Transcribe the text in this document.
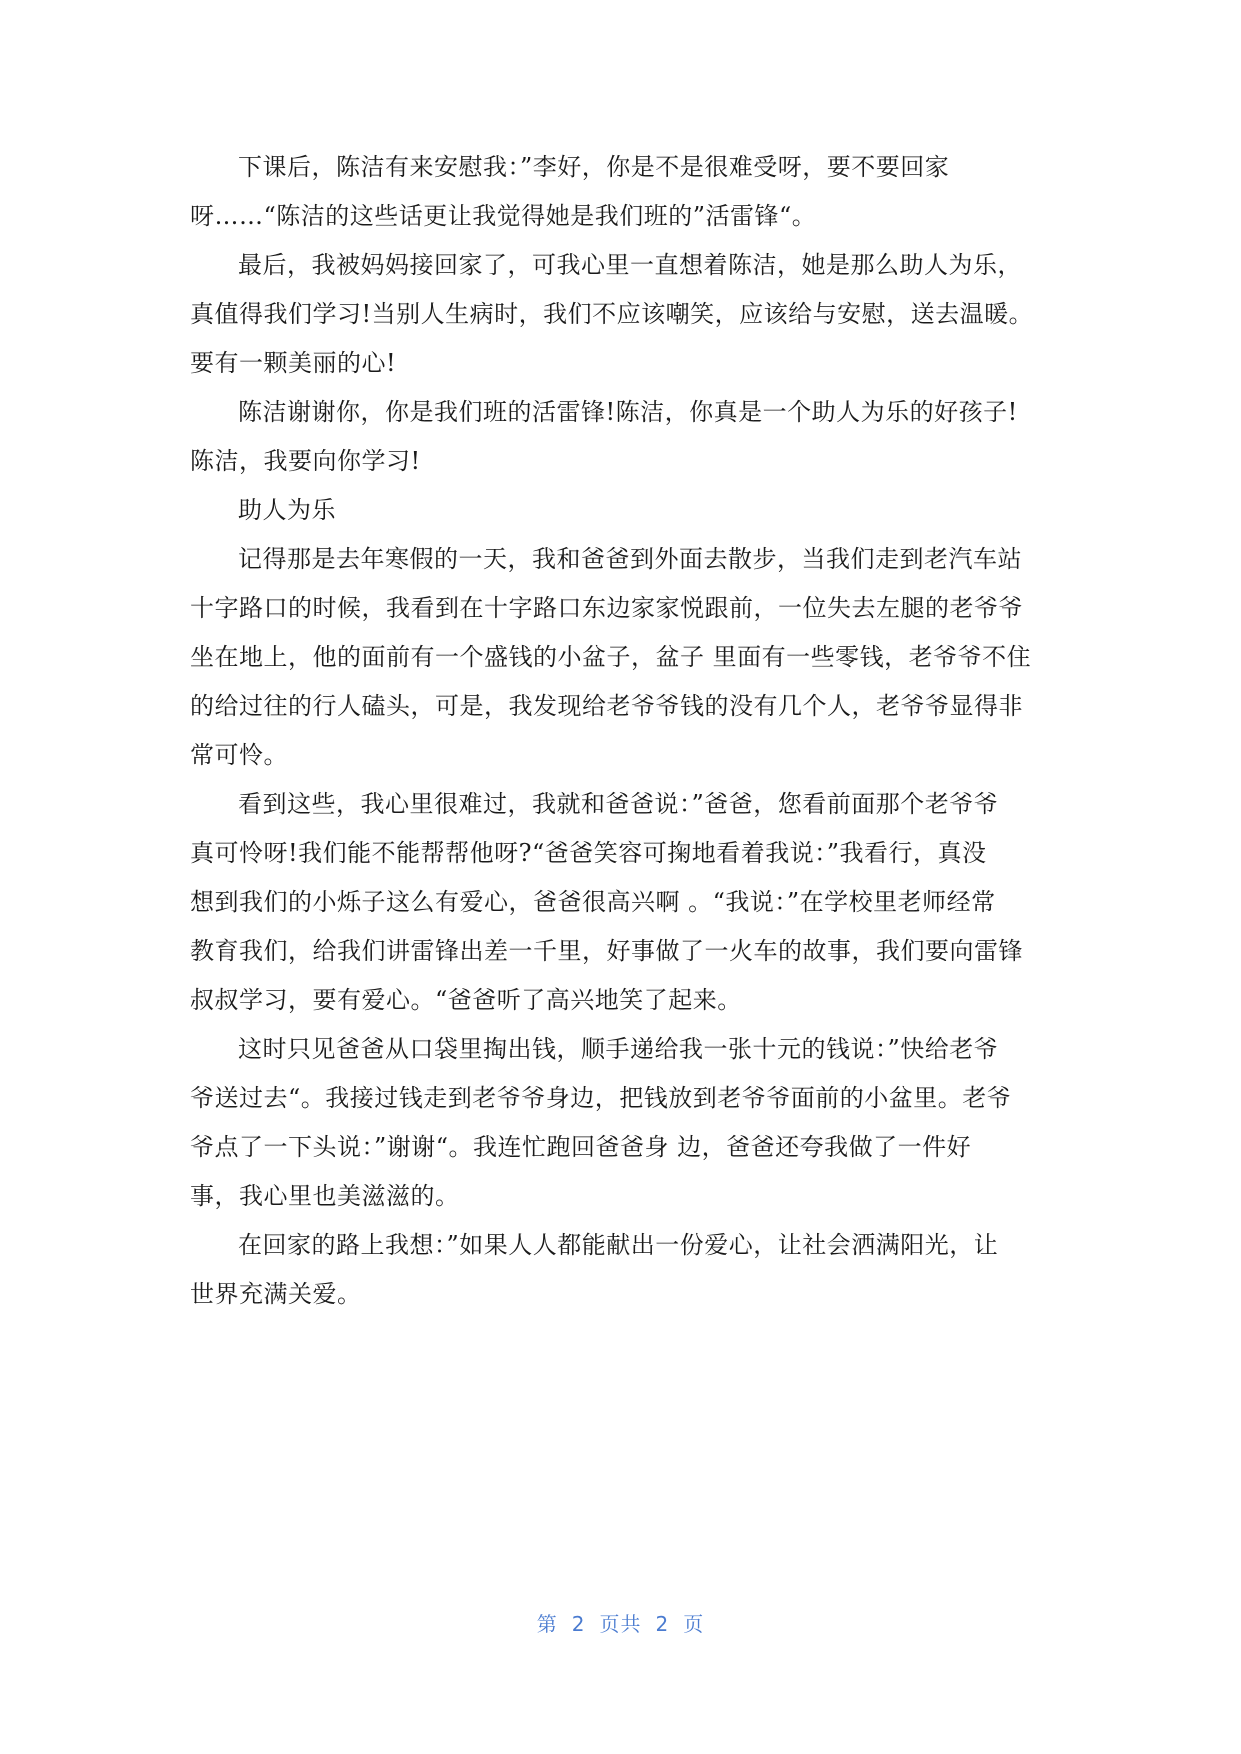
下课后，陈洁有来安慰我：”李好，你是不是很难受呀，要不要回家
呀……“陈洁的这些话更让我觉得她是我们班的”活雷锋“。
最后，我被妈妈接回家了，可我心里一直想着陈洁，她是那么助人为乐，
真值得我们学习!当别人生病时，我们不应该嘲笑，应该给与安慰，送去温暖。
要有一颗美丽的心!
陈洁谢谢你，你是我们班的活雷锋!陈洁，你真是一个助人为乐的好孩子!
陈洁，我要向你学习!
助人为乐
记得那是去年寒假的一天，我和爸爸到外面去散步，当我们走到老汽车站
十字路口的时候，我看到在十字路口东边家家悦跟前，一位失去左腿的老爷爷
坐在地上，他的面前有一个盛钱的小盆子，盆子 里面有一些零钱，老爷爷不住
的给过往的行人磕头，可是，我发现给老爷爷钱的没有几个人，老爷爷显得非
常可怜。
看到这些，我心里很难过，我就和爸爸说：”爸爸，您看前面那个老爷爷
真可怜呀!我们能不能帮帮他呀?“爸爸笑容可掬地看着我说：”我看行，真没
想到我们的小烁子这么有爱心，爸爸很高兴啊 。“我说：”在学校里老师经常
教育我们，给我们讲雷锋出差一千里，好事做了一火车的故事，我们要向雷锋
叔叔学习，要有爱心。“爸爸听了高兴地笑了起来。
这时只见爸爸从口袋里掏出钱，顺手递给我一张十元的钱说：”快给老爷
爷送过去“。我接过钱走到老爷爷身边，把钱放到老爷爷面前的小盆里。老爷
爷点了一下头说：”谢谢“。我连忙跑回爸爸身 边，爸爸还夸我做了一件好
事，我心里也美滋滋的。
在回家的路上我想：”如果人人都能献出一份爱心，让社会洒满阳光，让
世界充满关爱。
第 2 页共 2 页
